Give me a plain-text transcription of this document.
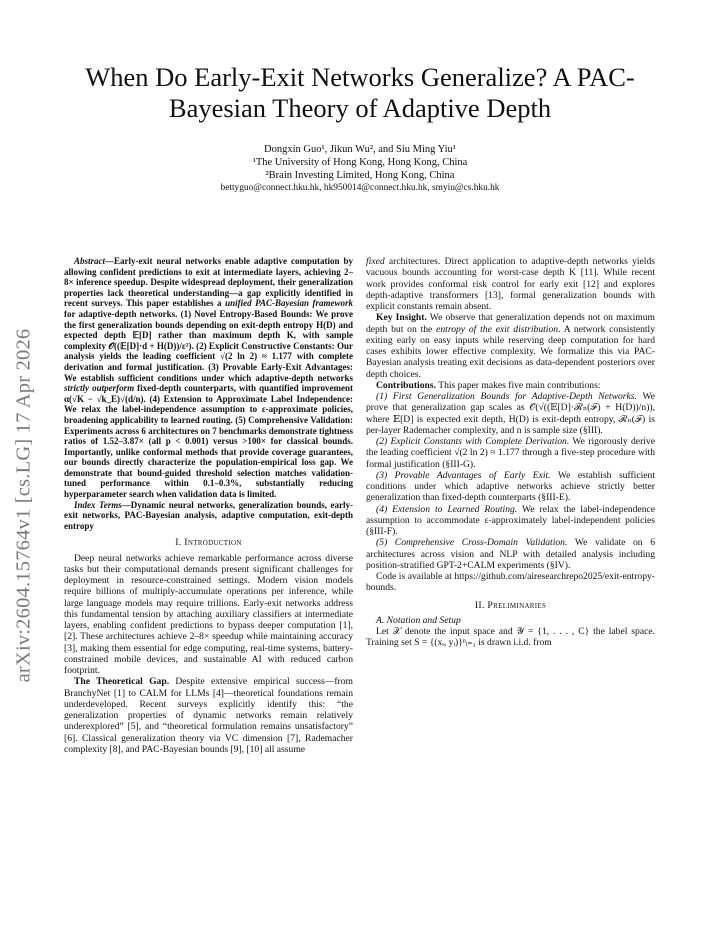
arXiv:2604.15764v1 [cs.LG] 17 Apr 2026
When Do Early-Exit Networks Generalize? A PAC-Bayesian Theory of Adaptive Depth
Dongxin Guo¹, Jikun Wu², and Siu Ming Yiu¹
¹The University of Hong Kong, Hong Kong, China
²Brain Investing Limited, Hong Kong, China
bettyguo@connect.hku.hk, hk950014@connect.hku.hk, smyiu@cs.hku.hk

Abstract—Early-exit neural networks enable adaptive computation by allowing confident predictions to exit at intermediate layers, achieving 2–8× inference speedup. Despite widespread deployment, their generalization properties lack theoretical understanding—a gap explicitly identified in recent surveys. This paper establishes a unified PAC-Bayesian framework for adaptive-depth networks. (1) Novel Entropy-Based Bounds: We prove the first generalization bounds depending on exit-depth entropy H(D) and expected depth 𝔼[D] rather than maximum depth K, with sample complexity 𝒪((𝔼[D]·d + H(D))/ε²). (2) Explicit Constructive Constants: Our analysis yields the leading coefficient √(2 ln 2) ≈ 1.177 with complete derivation and formal justification. (3) Provable Early-Exit Advantages: We establish sufficient conditions under which adaptive-depth networks strictly outperform fixed-depth counterparts, with quantified improvement α(√K − √k_E)√(d/n). (4) Extension to Approximate Label Independence: We relax the label-independence assumption to ε-approximate policies, broadening applicability to learned routing. (5) Comprehensive Validation: Experiments across 6 architectures on 7 benchmarks demonstrate tightness ratios of 1.52–3.87× (all p < 0.001) versus >100× for classical bounds. Importantly, unlike conformal methods that provide coverage guarantees, our bounds directly characterize the population-empirical loss gap. We demonstrate that bound-guided threshold selection matches validation-tuned performance within 0.1–0.3%, substantially reducing hyperparameter search when validation data is limited.

Index Terms—Dynamic neural networks, generalization bounds, early-exit networks, PAC-Bayesian analysis, adaptive computation, exit-depth entropy

I. Introduction

Deep neural networks achieve remarkable performance across diverse tasks but their computational demands present significant challenges for deployment in resource-constrained settings. Modern vision models require billions of multiply-accumulate operations per inference, while large language models may require trillions. Early-exit networks address this fundamental tension by attaching auxiliary classifiers at intermediate layers, enabling confident predictions to bypass deeper computation [1], [2]. These architectures achieve 2–8× speedup while maintaining accuracy [3], making them essential for edge computing, real-time systems, battery-constrained mobile devices, and sustainable AI with reduced carbon footprint.

The Theoretical Gap. Despite extensive empirical success—from BranchyNet [1] to CALM for LLMs [4]—theoretical foundations remain underdeveloped. Recent surveys explicitly identify this: “the generalization properties of dynamic networks remain relatively underexplored” [5], and “theoretical formulation remains unsatisfactory” [6]. Classical generalization theory via VC dimension [7], Rademacher complexity [8], and PAC-Bayesian bounds [9], [10] all assume

fixed architectures. Direct application to adaptive-depth networks yields vacuous bounds accounting for worst-case depth K [11]. While recent work provides conformal risk control for early exit [12] and explores depth-adaptive transformers [13], formal generalization bounds with explicit constants remain absent.

Key Insight. We observe that generalization depends not on maximum depth but on the entropy of the exit distribution. A network consistently exiting early on easy inputs while reserving deep computation for hard cases exhibits lower effective complexity. We formalize this via PAC-Bayesian analysis treating exit decisions as data-dependent posteriors over depth choices.

Contributions. This paper makes five main contributions:

(1) First Generalization Bounds for Adaptive-Depth Networks. We prove that generalization gap scales as 𝒪(√((𝔼[D]·ℛₙ(ℱ) + H(D))/n)), where 𝔼[D] is expected exit depth, H(D) is exit-depth entropy, ℛₙ(ℱ) is per-layer Rademacher complexity, and n is sample size (§III).

(2) Explicit Constants with Complete Derivation. We rigorously derive the leading coefficient √(2 ln 2) ≈ 1.177 through a five-step procedure with formal justification (§III-G).

(3) Provable Advantages of Early Exit. We establish sufficient conditions under which adaptive networks achieve strictly better generalization than fixed-depth counterparts (§III-E).

(4) Extension to Learned Routing. We relax the label-independence assumption to accommodate ε-approximately label-independent policies (§III-F).

(5) Comprehensive Cross-Domain Validation. We validate on 6 architectures across vision and NLP with detailed analysis including position-stratified GPT-2+CALM experiments (§IV).

Code is available at https://github.com/airesearchrepo2025/exit-entropy-bounds.

II. Preliminaries

A. Notation and Setup

Let 𝒳 denote the input space and 𝒴 = {1, . . . , C} the label space. Training set S = {(xᵢ, yᵢ)}ⁿᵢ₌₁ is drawn i.i.d. from
